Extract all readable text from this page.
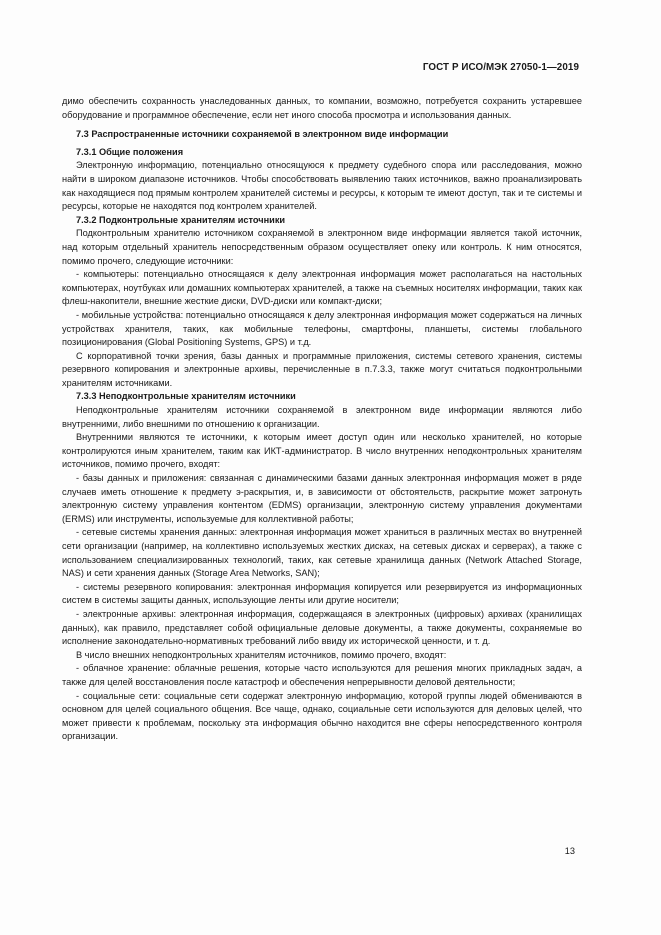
ГОСТ Р ИСО/МЭК 27050-1—2019

димо обеспечить сохранность унаследованных данных, то компании, возможно, потребуется сохранить устаревшее оборудование и программное обеспечение, если нет иного способа просмотра и использования данных.

7.3 Распространенные источники сохраняемой в электронном виде информации

7.3.1 Общие положения

Электронную информацию, потенциально относящуюся к предмету судебного спора или расследования, можно найти в широком диапазоне источников. Чтобы способствовать выявлению таких источников, важно проанализировать как находящиеся под прямым контролем хранителей системы и ресурсы, к которым те имеют доступ, так и те системы и ресурсы, которые не находятся под контролем хранителей.

7.3.2 Подконтрольные хранителям источники

Подконтрольным хранителю источником сохраняемой в электронном виде информации является такой источник, над которым отдельный хранитель непосредственным образом осуществляет опеку или контроль. К ним относятся, помимо прочего, следующие источники:

- компьютеры: потенциально относящаяся к делу электронная информация может располагаться на настольных компьютерах, ноутбуках или домашних компьютерах хранителей, а также на съемных носителях информации, таких как флеш-накопители, внешние жесткие диски, DVD-диски или компакт-диски;

- мобильные устройства: потенциально относящаяся к делу электронная информация может содержаться на личных устройствах хранителя, таких, как мобильные телефоны, смартфоны, планшеты, системы глобального позиционирования (Global Positioning Systems, GPS) и т.д.

С корпоративной точки зрения, базы данных и программные приложения, системы сетевого хранения, системы резервного копирования и электронные архивы, перечисленные в п.7.3.3, также могут считаться подконтрольными хранителям источниками.

7.3.3 Неподконтрольные хранителям источники

Неподконтрольные хранителям источники сохраняемой в электронном виде информации являются либо внутренними, либо внешними по отношению к организации.

Внутренними являются те источники, к которым имеет доступ один или несколько хранителей, но которые контролируются иным хранителем, таким как ИКТ-администратор. В число внутренних неподконтрольных хранителям источников, помимо прочего, входят:

- базы данных и приложения: связанная с динамическими базами данных электронная информация может в ряде случаев иметь отношение к предмету э-раскрытия, и, в зависимости от обстоятельств, раскрытие может затронуть электронную систему управления контентом (EDMS) организации, электронную систему управления документами (ERMS) или инструменты, используемые для коллективной работы;

- сетевые системы хранения данных: электронная информация может храниться в различных местах во внутренней сети организации (например, на коллективно используемых жестких дисках, на сетевых дисках и серверах), а также с использованием специализированных технологий, таких, как сетевые хранилища данных (Network Attached Storage, NAS) и сети хранения данных (Storage Area Networks, SAN);

- системы резервного копирования: электронная информация копируется или резервируется из информационных систем в системы защиты данных, использующие ленты или другие носители;

- электронные архивы: электронная информация, содержащаяся в электронных (цифровых) архивах (хранилищах данных), как правило, представляет собой официальные деловые документы, а также документы, сохраняемые во исполнение законодательно-нормативных требований либо ввиду их исторической ценности, и т. д.

В число внешних неподконтрольных хранителям источников, помимо прочего, входят:

- облачное хранение: облачные решения, которые часто используются для решения многих прикладных задач, а также для целей восстановления после катастроф и обеспечения непрерывности деловой деятельности;

- социальные сети: социальные сети содержат электронную информацию, которой группы людей обмениваются в основном для целей социального общения. Все чаще, однако, социальные сети используются для деловых целей, что может привести к проблемам, поскольку эта информация обычно находится вне сферы непосредственного контроля организации.

13
